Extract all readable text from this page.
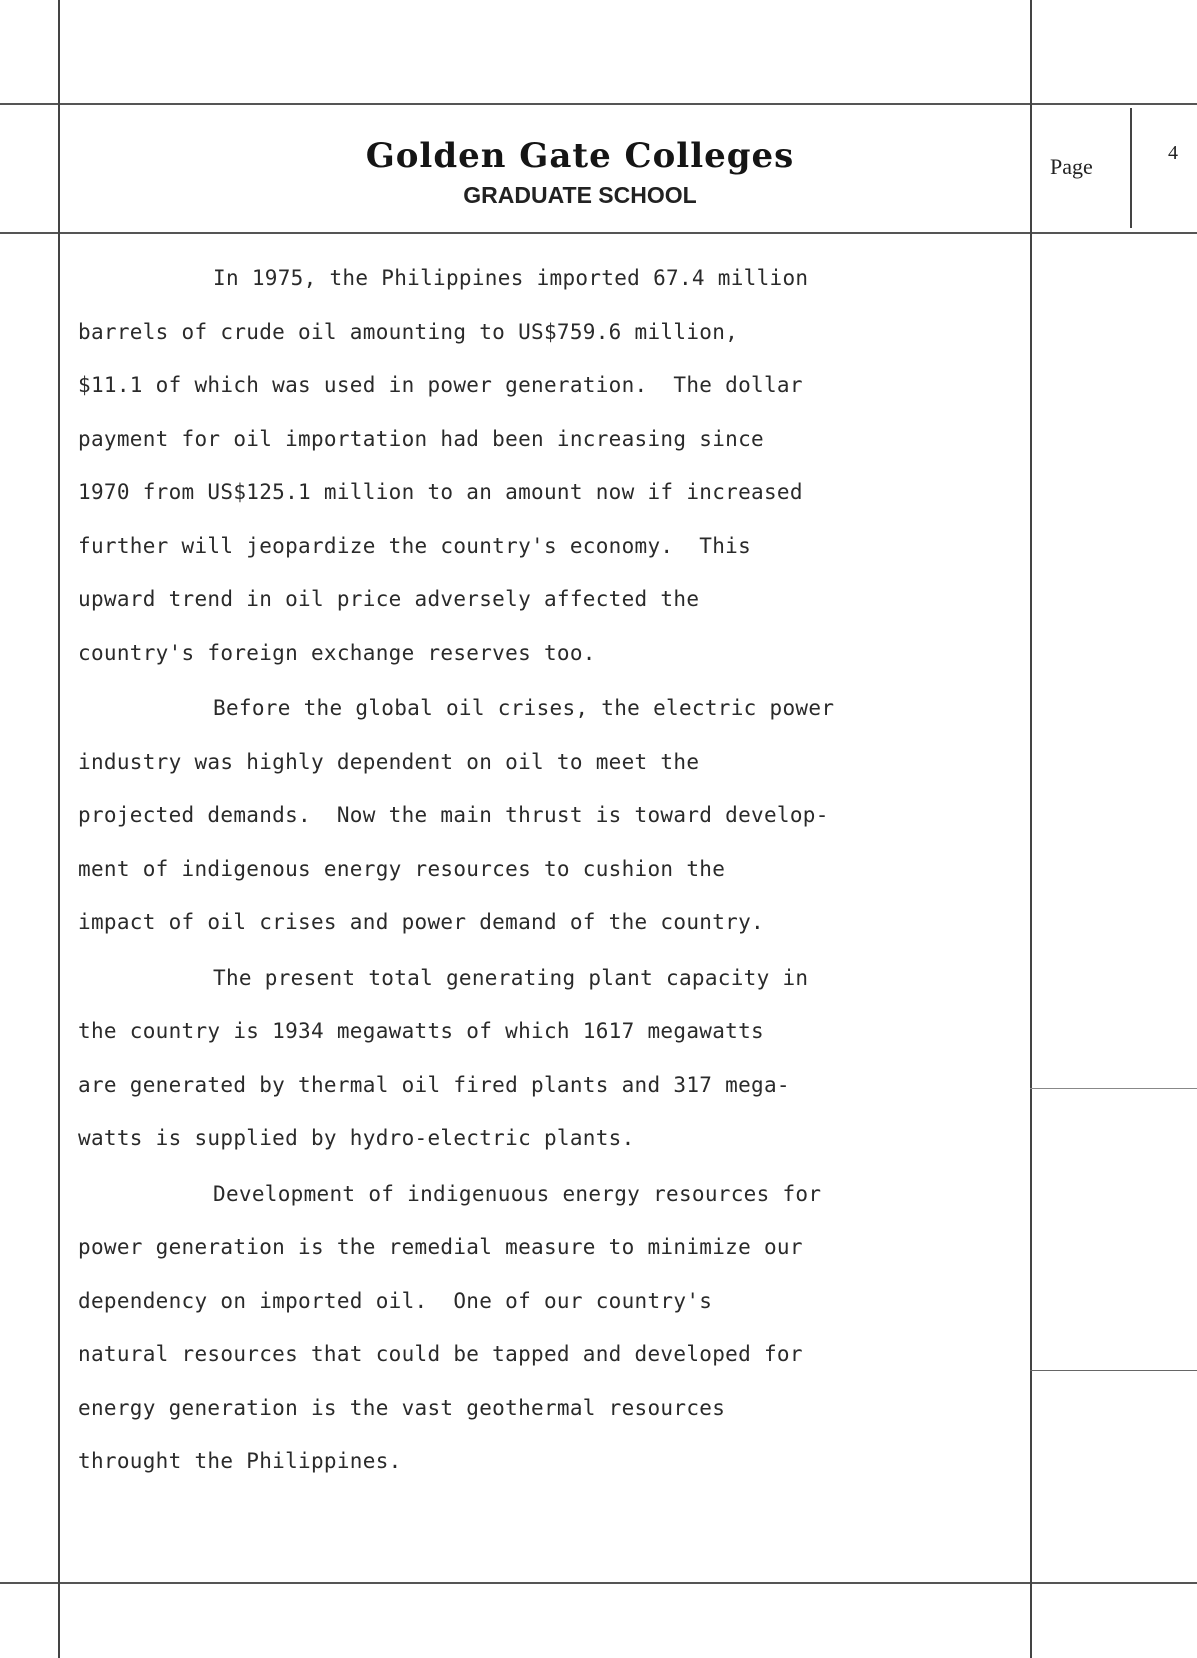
Golden Gate Colleges
GRADUATE SCHOOL
Page
4
In 1975, the Philippines imported 67.4 million
barrels of crude oil amounting to US$759.6 million,
$11.1 of which was used in power generation.  The dollar
payment for oil importation had been increasing since
1970 from US$125.1 million to an amount now if increased
further will jeopardize the country's economy.  This
upward trend in oil price adversely affected the
country's foreign exchange reserves too.
Before the global oil crises, the electric power
industry was highly dependent on oil to meet the
projected demands.  Now the main thrust is toward develop-
ment of indigenous energy resources to cushion the
impact of oil crises and power demand of the country.
The present total generating plant capacity in
the country is 1934 megawatts of which 1617 megawatts
are generated by thermal oil fired plants and 317 mega-
watts is supplied by hydro-electric plants.
Development of indigenuous energy resources for
power generation is the remedial measure to minimize our
dependency on imported oil.  One of our country's
natural resources that could be tapped and developed for
energy generation is the vast geothermal resources
throught the Philippines.
